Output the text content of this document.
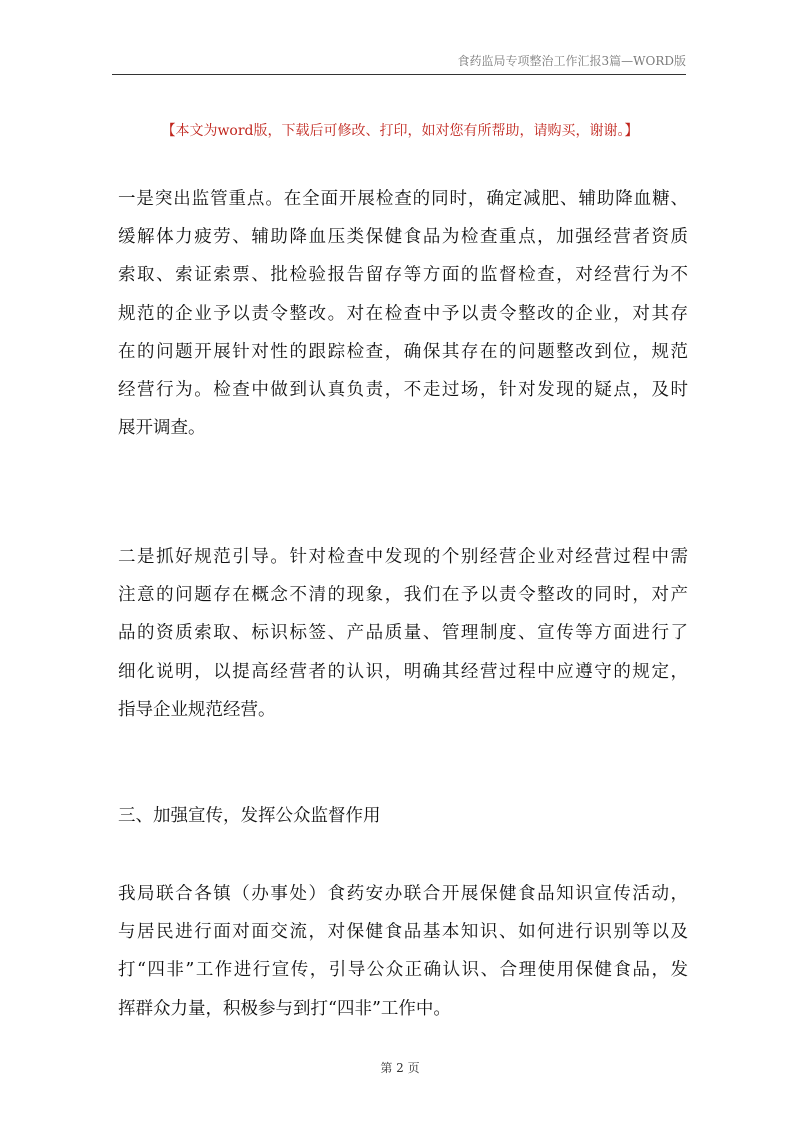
食药监局专项整治工作汇报3篇—WORD版
【本文为word版，下载后可修改、打印，如对您有所帮助，请购买，谢谢。】
一是突出监管重点。在全面开展检查的同时，确定减肥、辅助降血糖、
缓解体力疲劳、辅助降血压类保健食品为检查重点，加强经营者资质
索取、索证索票、批检验报告留存等方面的监督检查，对经营行为不
规范的企业予以责令整改。对在检查中予以责令整改的企业，对其存
在的问题开展针对性的跟踪检查，确保其存在的问题整改到位，规范
经营行为。检查中做到认真负责，不走过场，针对发现的疑点，及时
展开调查。
二是抓好规范引导。针对检查中发现的个别经营企业对经营过程中需
注意的问题存在概念不清的现象，我们在予以责令整改的同时，对产
品的资质索取、标识标签、产品质量、管理制度、宣传等方面进行了
细化说明，以提高经营者的认识，明确其经营过程中应遵守的规定，
指导企业规范经营。
三、加强宣传，发挥公众监督作用
我局联合各镇（办事处）食药安办联合开展保健食品知识宣传活动，
与居民进行面对面交流，对保健食品基本知识、如何进行识别等以及
打“四非”工作进行宣传，引导公众正确认识、合理使用保健食品，发
挥群众力量，积极参与到打“四非”工作中。
第 2 页
